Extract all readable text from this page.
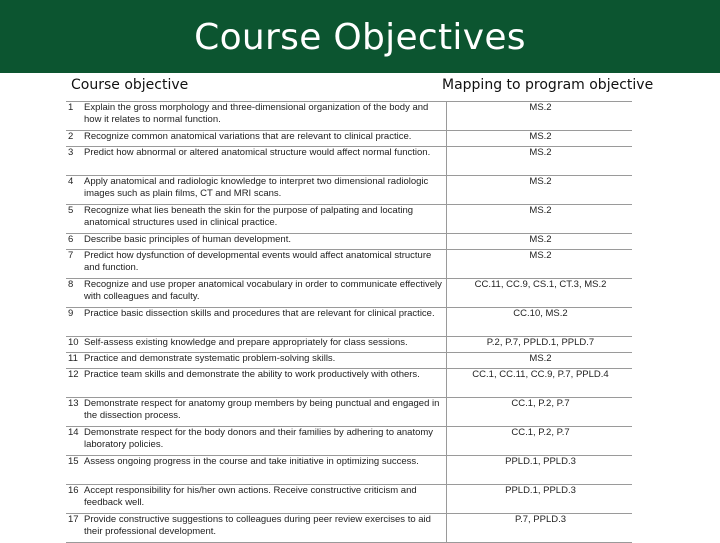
Course Objectives
Course objective	Mapping to program objective
1	Explain the gross morphology and three-dimensional organization of the body and how it relates to normal function.	MS.2
2	Recognize common anatomical variations that are relevant to clinical practice.	MS.2
3	Predict how abnormal or altered anatomical structure would affect normal function.	MS.2
4	Apply anatomical and radiologic knowledge to interpret two dimensional radiologic images such as plain films, CT and MRI scans.	MS.2
5	Recognize what lies beneath the skin for the purpose of palpating and locating anatomical structures used in clinical practice.	MS.2
6	Describe basic principles of human development.	MS.2
7	Predict how dysfunction of developmental events would affect anatomical structure and function.	MS.2
8	Recognize and use proper anatomical vocabulary in order to communicate effectively with colleagues and faculty.	CC.11, CC.9, CS.1, CT.3, MS.2
9	Practice basic dissection skills and procedures that are relevant for clinical practice.	CC.10, MS.2
10	Self-assess existing knowledge and prepare appropriately for class sessions.	P.2, P.7, PPLD.1, PPLD.7
11	Practice and demonstrate systematic problem-solving skills.	MS.2
12	Practice team skills and demonstrate the ability to work productively with others.	CC.1, CC.11, CC.9, P.7, PPLD.4
13	Demonstrate respect for anatomy group members by being punctual and engaged in the dissection process.	CC.1, P.2, P.7
14	Demonstrate respect for the body donors and their families by adhering to anatomy laboratory policies.	CC.1, P.2, P.7
15	Assess ongoing progress in the course and take initiative in optimizing success.	PPLD.1, PPLD.3
16	Accept responsibility for his/her own actions. Receive constructive criticism and feedback well.	PPLD.1, PPLD.3
17	Provide constructive suggestions to colleagues during peer review exercises to aid their professional development.	P.7, PPLD.3
